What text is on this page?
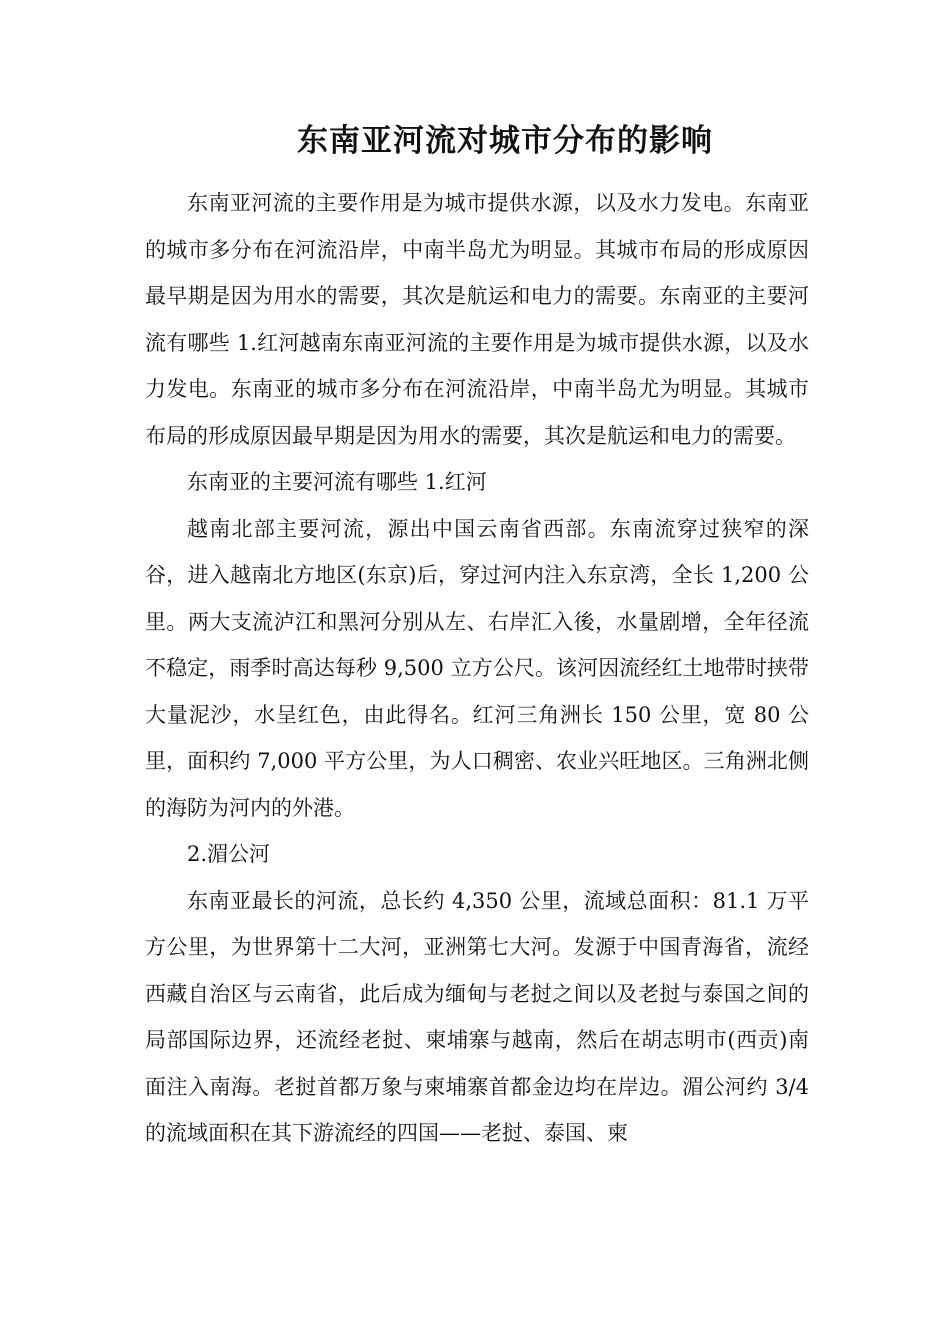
东南亚河流对城市分布的影响

东南亚河流的主要作用是为城市提供水源，以及水力发电。东南亚的城市多分布在河流沿岸，中南半岛尤为明显。其城市布局的形成原因最早期是因为用水的需要，其次是航运和电力的需要。东南亚的主要河流有哪些 1.红河越南东南亚河流的主要作用是为城市提供水源，以及水力发电。东南亚的城市多分布在河流沿岸，中南半岛尤为明显。其城市布局的形成原因最早期是因为用水的需要，其次是航运和电力的需要。

东南亚的主要河流有哪些 1.红河

越南北部主要河流，源出中国云南省西部。东南流穿过狭窄的深谷，进入越南北方地区(东京)后，穿过河内注入东京湾，全长 1,200 公里。两大支流泸江和黑河分别从左、右岸汇入後，水量剧增，全年径流不稳定，雨季时高达每秒 9,500 立方公尺。该河因流经红土地带时挟带大量泥沙，水呈红色，由此得名。红河三角洲长 150 公里，宽 80 公里，面积约 7,000 平方公里，为人口稠密、农业兴旺地区。三角洲北侧的海防为河内的外港。

2.湄公河

东南亚最长的河流，总长约 4,350 公里，流域总面积：81.1 万平方公里，为世界第十二大河，亚洲第七大河。发源于中国青海省，流经西藏自治区与云南省，此后成为缅甸与老挝之间以及老挝与泰国之间的局部国际边界，还流经老挝、柬埔寨与越南，然后在胡志明市(西贡)南面注入南海。老挝首都万象与柬埔寨首都金边均在岸边。湄公河约 3/4 的流域面积在其下游流经的四国——老挝、泰国、柬
